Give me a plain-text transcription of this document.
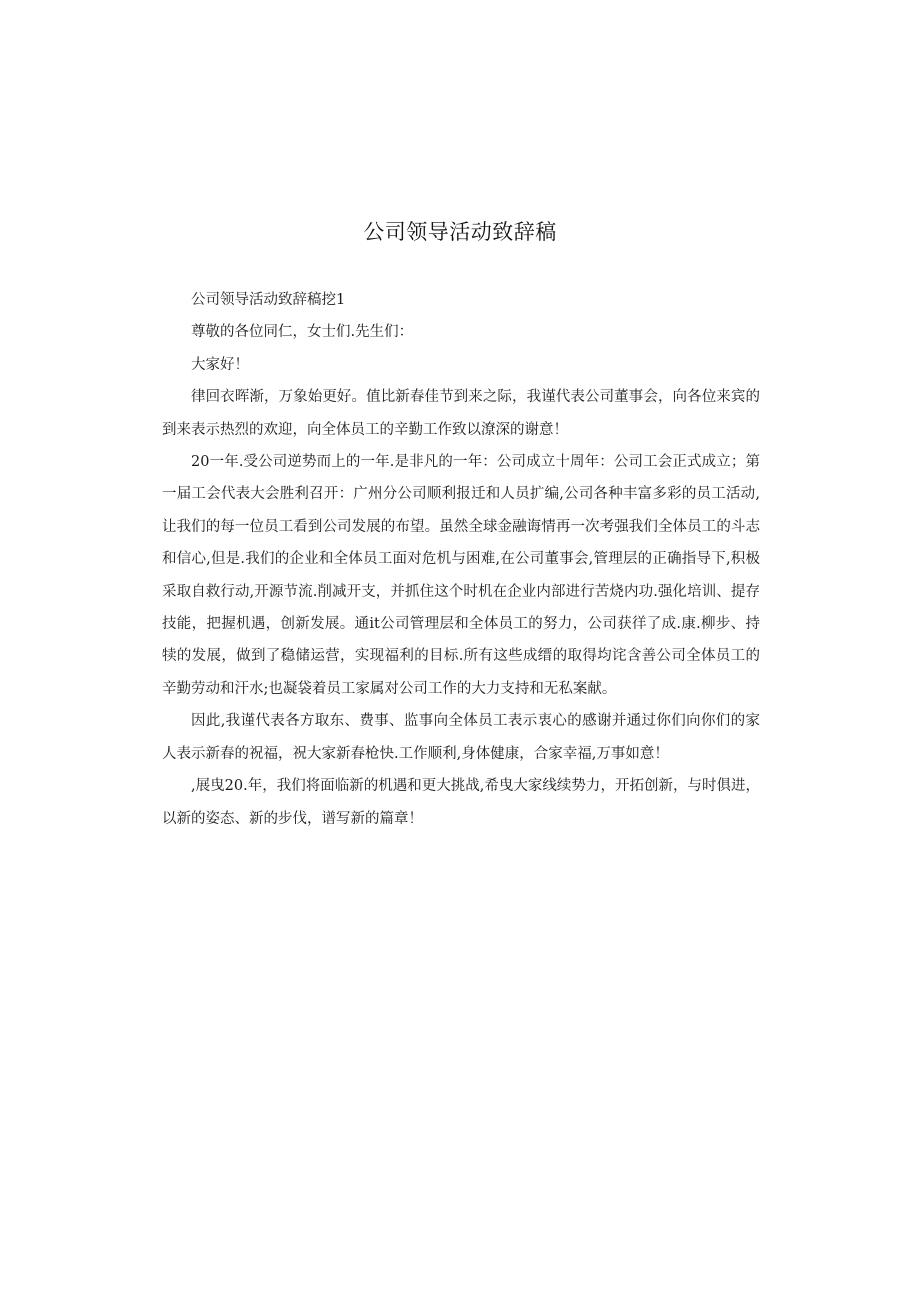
公司领导活动致辞稿

公司领导活动致辞稿挖1

尊敬的各位同仁，女士们.先生们：

大家好！

律回衣晖渐，万象始更好。值比新春佳节到来之际，我谨代表公司董事会，向各位来宾的到来表示热烈的欢迎，向全体员工的辛勤工作致以潦深的谢意！

20一年.受公司逆势而上的一年.是非凡的一年：公司成立十周年：公司工会正式成立；第一届工会代表大会胜利召开：广州分公司顺利报迁和人员扩编,公司各种丰富多彩的员工活动,让我们的每一位员工看到公司发展的布望。虽然全球金融诲情再一次考强我们全体员工的斗志和信心,但是.我们的企业和全体员工面对危机与困难,在公司董事会,管理层的正确指导下,积极采取自救行动,开源节流.削减开支，并抓住这个时机在企业内部进行苦烧内功.强化培训、提存技能，把握机遇，创新发展。通it公司管理层和全体员工的努力，公司获徉了成.康.柳步、持犊的发展，做到了稳储运营，实现福利的目标.所有这些成缙的取得均诧含善公司全体员工的辛勤劳动和汗水;也凝袋着员工家属对公司工作的大力支持和无私案献。

因此,我谨代表各方取东、费事、监事向全体员工表示衷心的感谢并通过你们向你们的家人表示新春的祝福，祝大家新春枪快.工作顺利,身体健康，合家幸福,万事如意！

,展曳20.年，我们将面临新的机遇和更大挑战,希曳大家线续势力，开拓创新，与时俱进，以新的姿态、新的步伐，谱写新的篇章！
